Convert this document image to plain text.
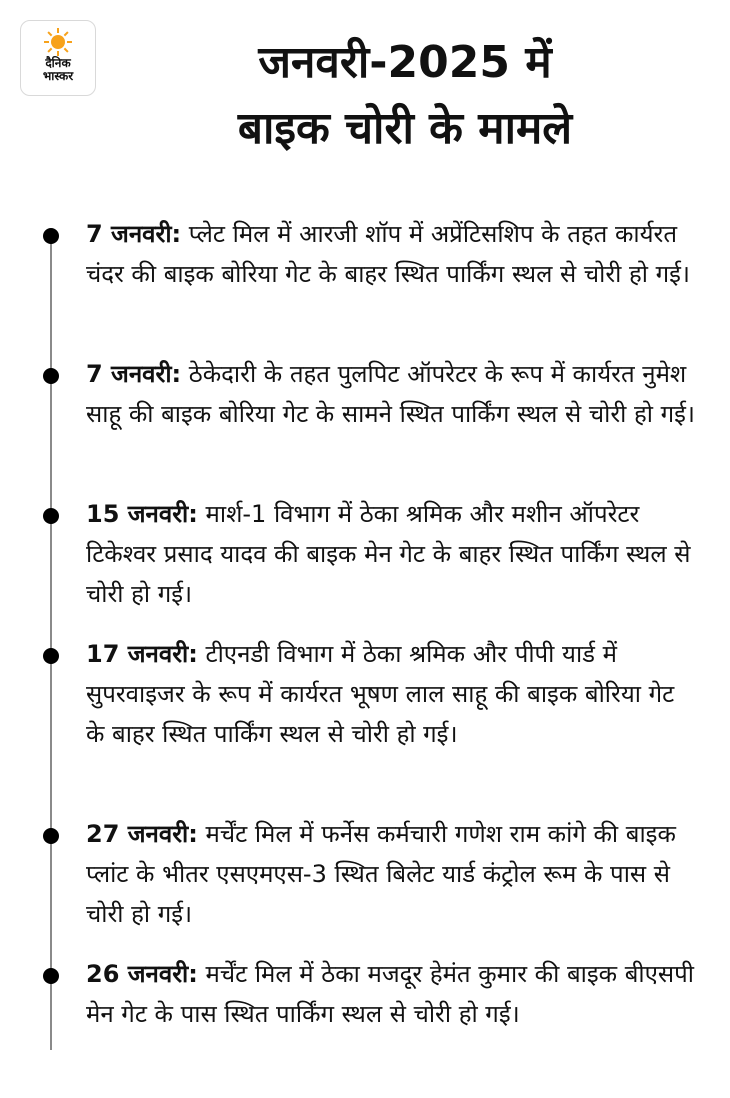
दैनिक
भास्कर	जनवरी-2025 में
बाइक चोरी के मामले
7 जनवरी: प्लेट मिल में आरजी शॉप में अप्रेंटिसशिप के तहत कार्यरत चंदर की बाइक बोरिया गेट के बाहर स्थित पार्किंग स्थल से चोरी हो गई।
7 जनवरी: ठेकेदारी के तहत पुलपिट ऑपरेटर के रूप में कार्यरत नुमेश साहू की बाइक बोरिया गेट के सामने स्थित पार्किंग स्थल से चोरी हो गई।
15 जनवरी: मार्श-1 विभाग में ठेका श्रमिक और मशीन ऑपरेटर टिकेश्वर प्रसाद यादव की बाइक मेन गेट के बाहर स्थित पार्किंग स्थल से चोरी हो गई।
17 जनवरी: टीएनडी विभाग में ठेका श्रमिक और पीपी यार्ड में सुपरवाइजर के रूप में कार्यरत भूषण लाल साहू की बाइक बोरिया गेट के बाहर स्थित पार्किंग स्थल से चोरी हो गई।
27 जनवरी: मर्चेंट मिल में फर्नेस कर्मचारी गणेश राम कांगे की बाइक प्लांट के भीतर एसएमएस-3 स्थित बिलेट यार्ड कंट्रोल रूम के पास से चोरी हो गई।
26 जनवरी: मर्चेंट मिल में ठेका मजदूर हेमंत कुमार की बाइक बीएसपी मेन गेट के पास स्थित पार्किंग स्थल से चोरी हो गई।
